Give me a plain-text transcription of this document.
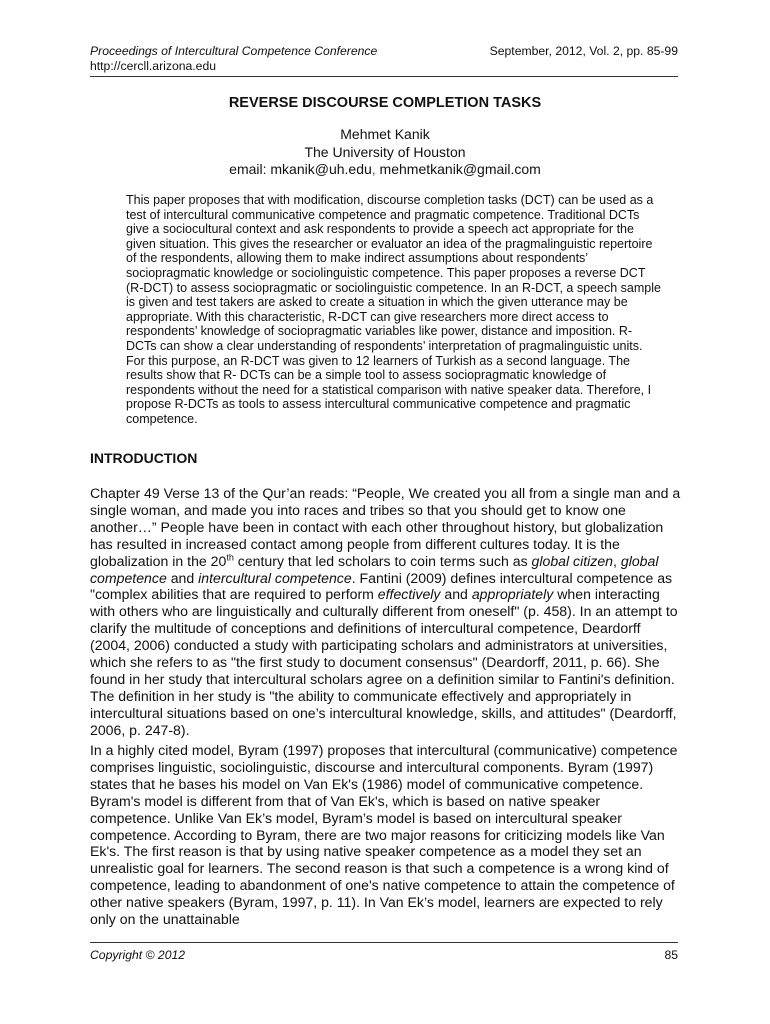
Proceedings of Intercultural Competence Conference	September, 2012, Vol. 2, pp. 85-99
http://cercll.arizona.edu
REVERSE DISCOURSE COMPLETION TASKS
Mehmet Kanik
The University of Houston
email: mkanik@uh.edu, mehmetkanik@gmail.com

This paper proposes that with modification, discourse completion tasks (DCT) can be used as a test of intercultural communicative competence and pragmatic competence. Traditional DCTs give a sociocultural context and ask respondents to provide a speech act appropriate for the given situation. This gives the researcher or evaluator an idea of the pragmalinguistic repertoire of the respondents, allowing them to make indirect assumptions about respondents’ sociopragmatic knowledge or sociolinguistic competence. This paper proposes a reverse DCT (R-DCT) to assess sociopragmatic or sociolinguistic competence. In an R-DCT, a speech sample is given and test takers are asked to create a situation in which the given utterance may be appropriate. With this characteristic, R-DCT can give researchers more direct access to respondents’ knowledge of sociopragmatic variables like power, distance and imposition. R-DCTs can show a clear understanding of respondents’ interpretation of pragmalinguistic units. For this purpose, an R-DCT was given to 12 learners of Turkish as a second language. The results show that R- DCTs can be a simple tool to assess sociopragmatic knowledge of respondents without the need for a statistical comparison with native speaker data. Therefore, I propose R-DCTs as tools to assess intercultural communicative competence and pragmatic competence.

INTRODUCTION

Chapter 49 Verse 13 of the Qur’an reads: “People, We created you all from a single man and a single woman, and made you into races and tribes so that you should get to know one another…” People have been in contact with each other throughout history, but globalization has resulted in increased contact among people from different cultures today. It is the globalization in the 20th century that led scholars to coin terms such as global citizen, global competence and intercultural competence. Fantini (2009) defines intercultural competence as "complex abilities that are required to perform effectively and appropriately when interacting with others who are linguistically and culturally different from oneself" (p. 458). In an attempt to clarify the multitude of conceptions and definitions of intercultural competence, Deardorff (2004, 2006) conducted a study with participating scholars and administrators at universities, which she refers to as "the first study to document consensus" (Deardorff, 2011, p. 66). She found in her study that intercultural scholars agree on a definition similar to Fantini's definition. The definition in her study is "the ability to communicate effectively and appropriately in intercultural situations based on one’s intercultural knowledge, skills, and attitudes" (Deardorff, 2006, p. 247-8).

In a highly cited model, Byram (1997) proposes that intercultural (communicative) competence comprises linguistic, sociolinguistic, discourse and intercultural components. Byram (1997) states that he bases his model on Van Ek's (1986) model of communicative competence. Byram's model is different from that of Van Ek's, which is based on native speaker competence. Unlike Van Ek’s model, Byram’s model is based on intercultural speaker competence. According to Byram, there are two major reasons for criticizing models like Van Ek's. The first reason is that by using native speaker competence as a model they set an unrealistic goal for learners. The second reason is that such a competence is a wrong kind of competence, leading to abandonment of one's native competence to attain the competence of other native speakers (Byram, 1997, p. 11). In Van Ek’s model, learners are expected to rely only on the unattainable

Copyright © 2012	85
